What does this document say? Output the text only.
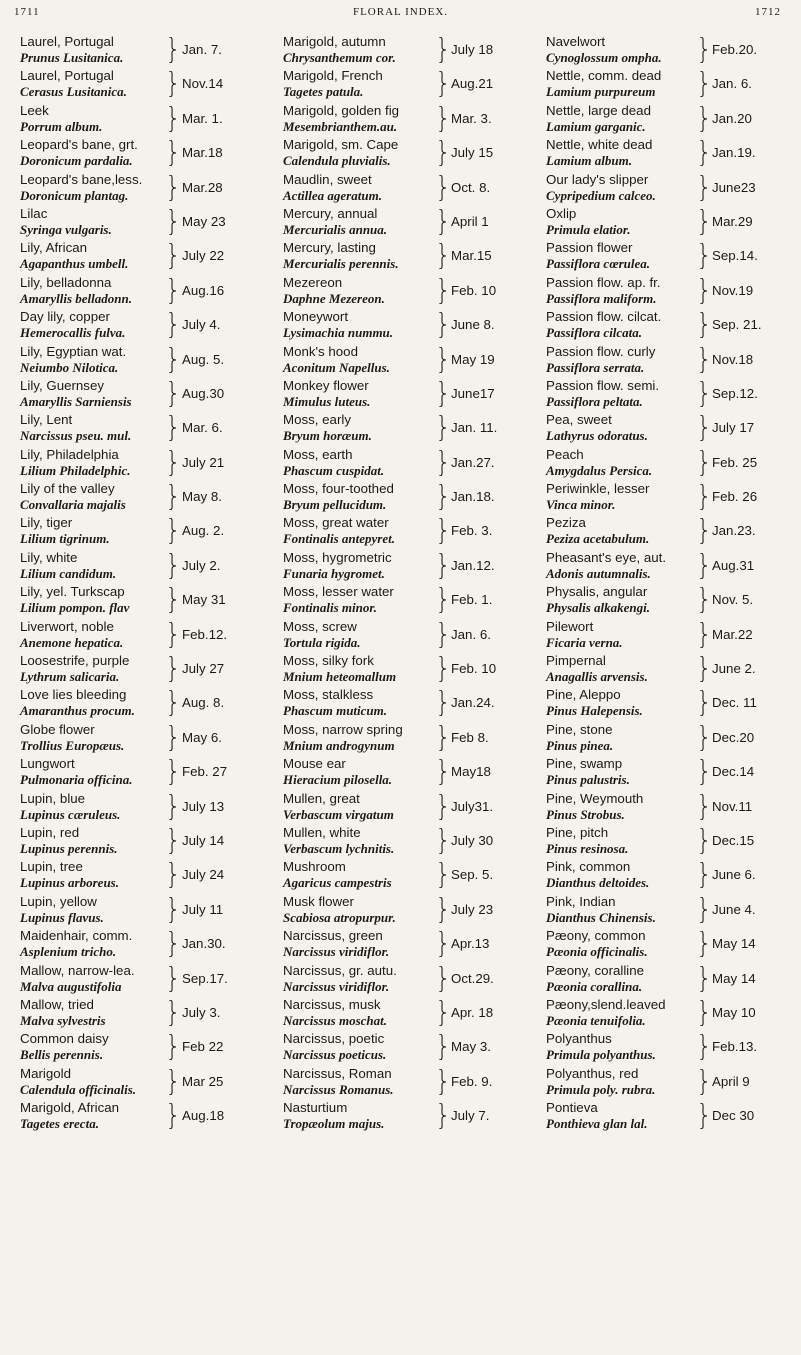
1711	FLORAL INDEX.	1712
Laurel, Portugal
Prunus Lusitanica.
Jan. 7.
Laurel, Portugal
Cerasus Lusitanica.
Nov.14
Leek
Porrum album.
Mar. 1.
Leopard's bane, grt.
Doronicum pardalia.
Mar.18
Leopard's bane,less.
Doronicum plantag.
Mar.28
Lilac
Syringa vulgaris.
May 23
Lily, African
Agapanthus umbell.
July 22
Lily, belladonna
Amaryllis belladonn.
Aug.16
Day lily, copper
Hemerocallis fulva.
July 4.
Lily, Egyptian wat.
Neiumbo Nilotica.
Aug. 5.
Lily, Guernsey
Amaryllis Sarniensis
Aug.30
Lily, Lent
Narcissus pseu. mul.
Mar. 6.
Lily, Philadelphia
Lilium Philadelphic.
July 21
Lily of the valley
Convallaria majalis
May 8.
Lily, tiger
Lilium tigrinum.
Aug. 2.
Lily, white
Lilium candidum.
July 2.
Lily, yel. Turkscap
Lilium pompon. flav
May 31
Liverwort, noble
Anemone hepatica.
Feb.12.
Loosestrife, purple
Lythrum salicaria.
July 27
Love lies bleeding
Amaranthus procum.
Aug. 8.
Globe flower
Trollius Europæus.
May 6.
Lungwort
Pulmonaria officina.
Feb. 27
Lupin, blue
Lupinus cæruleus.
July 13
Lupin, red
Lupinus perennis.
July 14
Lupin, tree
Lupinus arboreus.
July 24
Lupin, yellow
Lupinus flavus.
July 11
Maidenhair, comm.
Asplenium tricho.
Jan.30.
Mallow, narrow-lea.
Malva augustifolia
Sep.17.
Mallow, tried
Malva sylvestris
July 3.
Common daisy
Bellis perennis.
Feb 22
Marigold
Calendula officinalis.
Mar 25
Marigold, African
Tagetes erecta.
Aug.18
Marigold, autumn
Chrysanthemum cor.
July 18
Marigold, French
Tagetes patula.
Aug.21
Marigold, golden fig
Mesembrianthem.au.
Mar. 3.
Marigold, sm. Cape
Calendula pluvialis.
July 15
Maudlin, sweet
Actillea ageratum.
Oct. 8.
Mercury, annual
Mercurialis annua.
April 1
Mercury, lasting
Mercurialis perennis.
Mar.15
Mezereon
Daphne Mezereon.
Feb. 10
Moneywort
Lysimachia nummu.
June 8.
Monk's hood
Aconitum Napellus.
May 19
Monkey flower
Mimulus luteus.
June17
Moss, early
Bryum horæum.
Jan. 11.
Moss, earth
Phascum cuspidat.
Jan.27.
Moss, four-toothed
Bryum pellucidum.
Jan.18.
Moss, great water
Fontinalis antepyret.
Feb. 3.
Moss, hygrometric
Funaria hygromet.
Jan.12.
Moss, lesser water
Fontinalis minor.
Feb. 1.
Moss, screw
Tortula rigida.
Jan. 6.
Moss, silky fork
Mnium heteomallum
Feb. 10
Moss, stalkless
Phascum muticum.
Jan.24.
Moss, narrow spring
Mnium androgynum
Feb 8.
Mouse ear
Hieracium pilosella.
May18
Mullen, great
Verbascum virgatum
July31.
Mullen, white
Verbascum lychnitis.
July 30
Mushroom
Agaricus campestris
Sep. 5.
Musk flower
Scabiosa atropurpur.
July 23
Narcissus, green
Narcissus viridiflor.
Apr.13
Narcissus, gr. autu.
Narcissus viridiflor.
Oct.29.
Narcissus, musk
Narcissus moschat.
Apr. 18
Narcissus, poetic
Narcissus poeticus.
May 3.
Narcissus, Roman
Narcissus Romanus.
Feb. 9.
Nasturtium
Tropæolum majus.
July 7.
Navelwort
Cynoglossum ompha.
Feb.20.
Nettle, comm. dead
Lamium purpureum
Jan. 6.
Nettle, large dead
Lamium garganic.
Jan.20
Nettle, white dead
Lamium album.
Jan.19.
Our lady's slipper
Cypripedium calceo.
June23
Oxlip
Primula elatior.
Mar.29
Passion flower
Passiflora cœrulea.
Sep.14.
Passion flow. ap. fr.
Passiflora maliform.
Nov.19
Passion flow. cilcat.
Passiflora cilcata.
Sep. 21.
Passion flow. curly
Passiflora serrata.
Nov.18
Passion flow. semi.
Passiflora peltata.
Sep.12.
Pea, sweet
Lathyrus odoratus.
July 17
Peach
Amygdalus Persica.
Feb. 25
Periwinkle, lesser
Vinca minor.
Feb. 26
Peziza
Peziza acetabulum.
Jan.23.
Pheasant's eye, aut.
Adonis autumnalis.
Aug.31
Physalis, angular
Physalis alkakengi.
Nov. 5.
Pilewort
Ficaria verna.
Mar.22
Pimpernal
Anagallis arvensis.
June 2.
Pine, Aleppo
Pinus Halepensis.
Dec. 11
Pine, stone
Pinus pinea.
Dec.20
Pine, swamp
Pinus palustris.
Dec.14
Pine, Weymouth
Pinus Strobus.
Nov.11
Pine, pitch
Pinus resinosa.
Dec.15
Pink, common
Dianthus deltoides.
June 6.
Pink, Indian
Dianthus Chinensis.
June 4.
Pæony, common
Pæonia officinalis.
May 14
Pæony, coralline
Pæonia corallina.
May 14
Pæony,slend.leaved
Pæonia tenuifolia.
May 10
Polyanthus
Primula polyanthus.
Feb.13.
Polyanthus, red
Primula poly. rubra.
April 9
Pontieva
Ponthieva glan lal.
Dec 30
